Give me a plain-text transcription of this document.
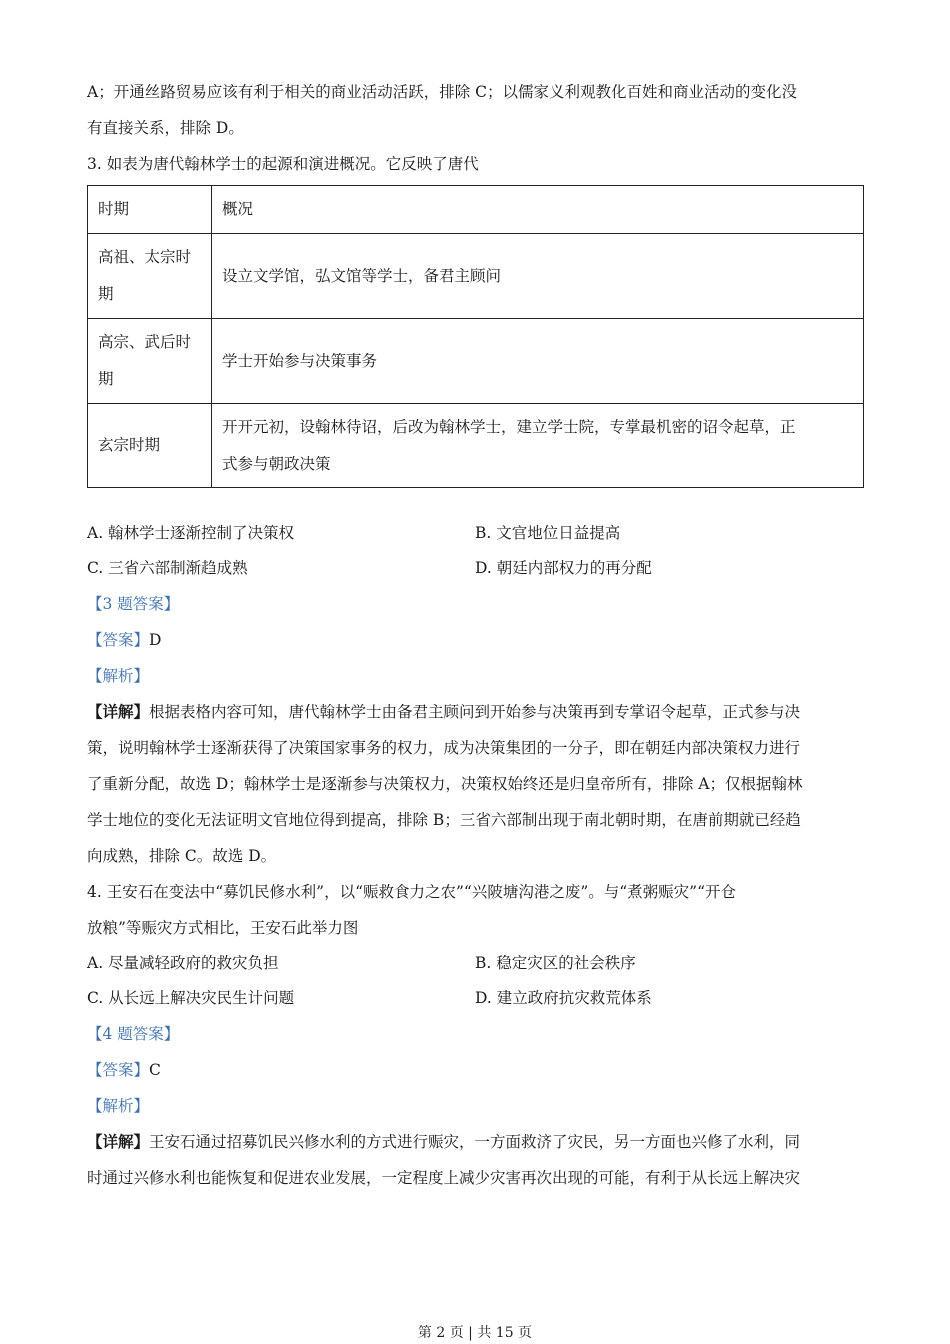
A；开通丝路贸易应该有利于相关的商业活动活跃，排除 C；以儒家义利观教化百姓和商业活动的变化没
有直接关系，排除 D。
3. 如表为唐代翰林学士的起源和演进概况。它反映了唐代
时期	概况

高祖、太宗时
期	设立文学馆，弘文馆等学士，备君主顾问

高宗、武后时
期	学士开始参与决策事务
玄宗时期	开开元初，设翰林待诏，后改为翰林学士，建立学士院，专掌最机密的诏令起草，正
式参与朝政决策
A. 翰林学士逐渐控制了决策权	B. 文官地位日益提高
C. 三省六部制渐趋成熟	D. 朝廷内部权力的再分配
【3 题答案】
【答案】D
【解析】
【详解】根据表格内容可知，唐代翰林学士由备君主顾问到开始参与决策再到专掌诏令起草，正式参与决
策，说明翰林学士逐渐获得了决策国家事务的权力，成为决策集团的一分子，即在朝廷内部决策权力进行
了重新分配，故选 D；翰林学士是逐渐参与决策权力，决策权始终还是归皇帝所有，排除 A；仅根据翰林
学士地位的变化无法证明文官地位得到提高，排除 B；三省六部制出现于南北朝时期，在唐前期就已经趋
向成熟，排除 C。故选 D。
4. 王安石在变法中“募饥民修水利”，以“赈救食力之农”“兴陂塘沟港之废”。与“煮粥赈灾”“开仓
放粮”等赈灾方式相比，王安石此举力图
A. 尽量减轻政府的救灾负担	B. 稳定灾区的社会秩序
C. 从长远上解决灾民生计问题	D. 建立政府抗灾救荒体系
【4 题答案】
【答案】C
【解析】
【详解】王安石通过招募饥民兴修水利的方式进行赈灾，一方面救济了灾民，另一方面也兴修了水利，同
时通过兴修水利也能恢复和促进农业发展，一定程度上减少灾害再次出现的可能，有利于从长远上解决灾
第 2 页 | 共 15 页
